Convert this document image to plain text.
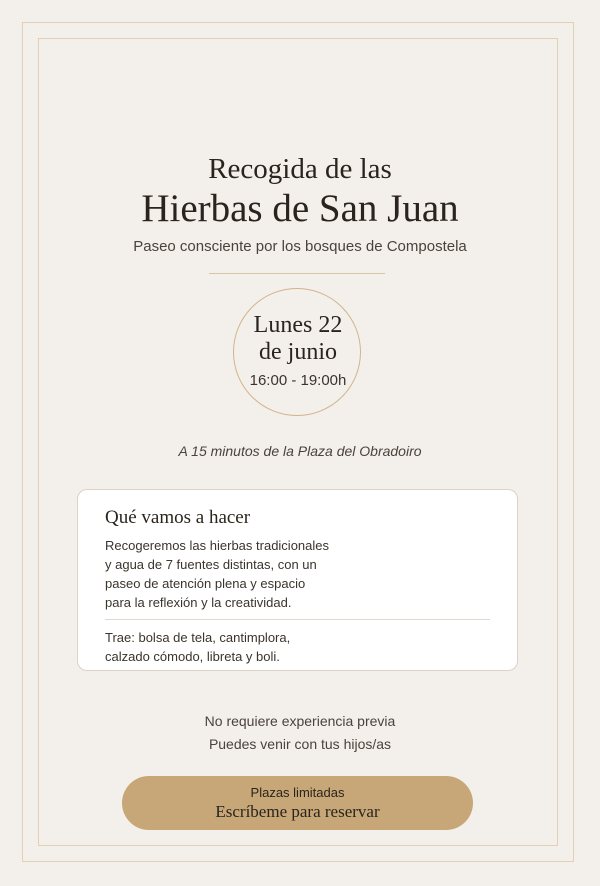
Recogida de las
Hierbas de San Juan
Paseo consciente por los bosques de Compostela
Lunes 22
de junio
16:00 - 19:00h
A 15 minutos de la Plaza del Obradoiro
Qué vamos a hacer
Recogeremos las hierbas tradicionales
y agua de 7 fuentes distintas, con un
paseo de atención plena y espacio
para la reflexión y la creatividad.
Trae: bolsa de tela, cantimplora,
calzado cómodo, libreta y boli.
No requiere experiencia previa
Puedes venir con tus hijos/as
Plazas limitadas
Escríbeme para reservar
